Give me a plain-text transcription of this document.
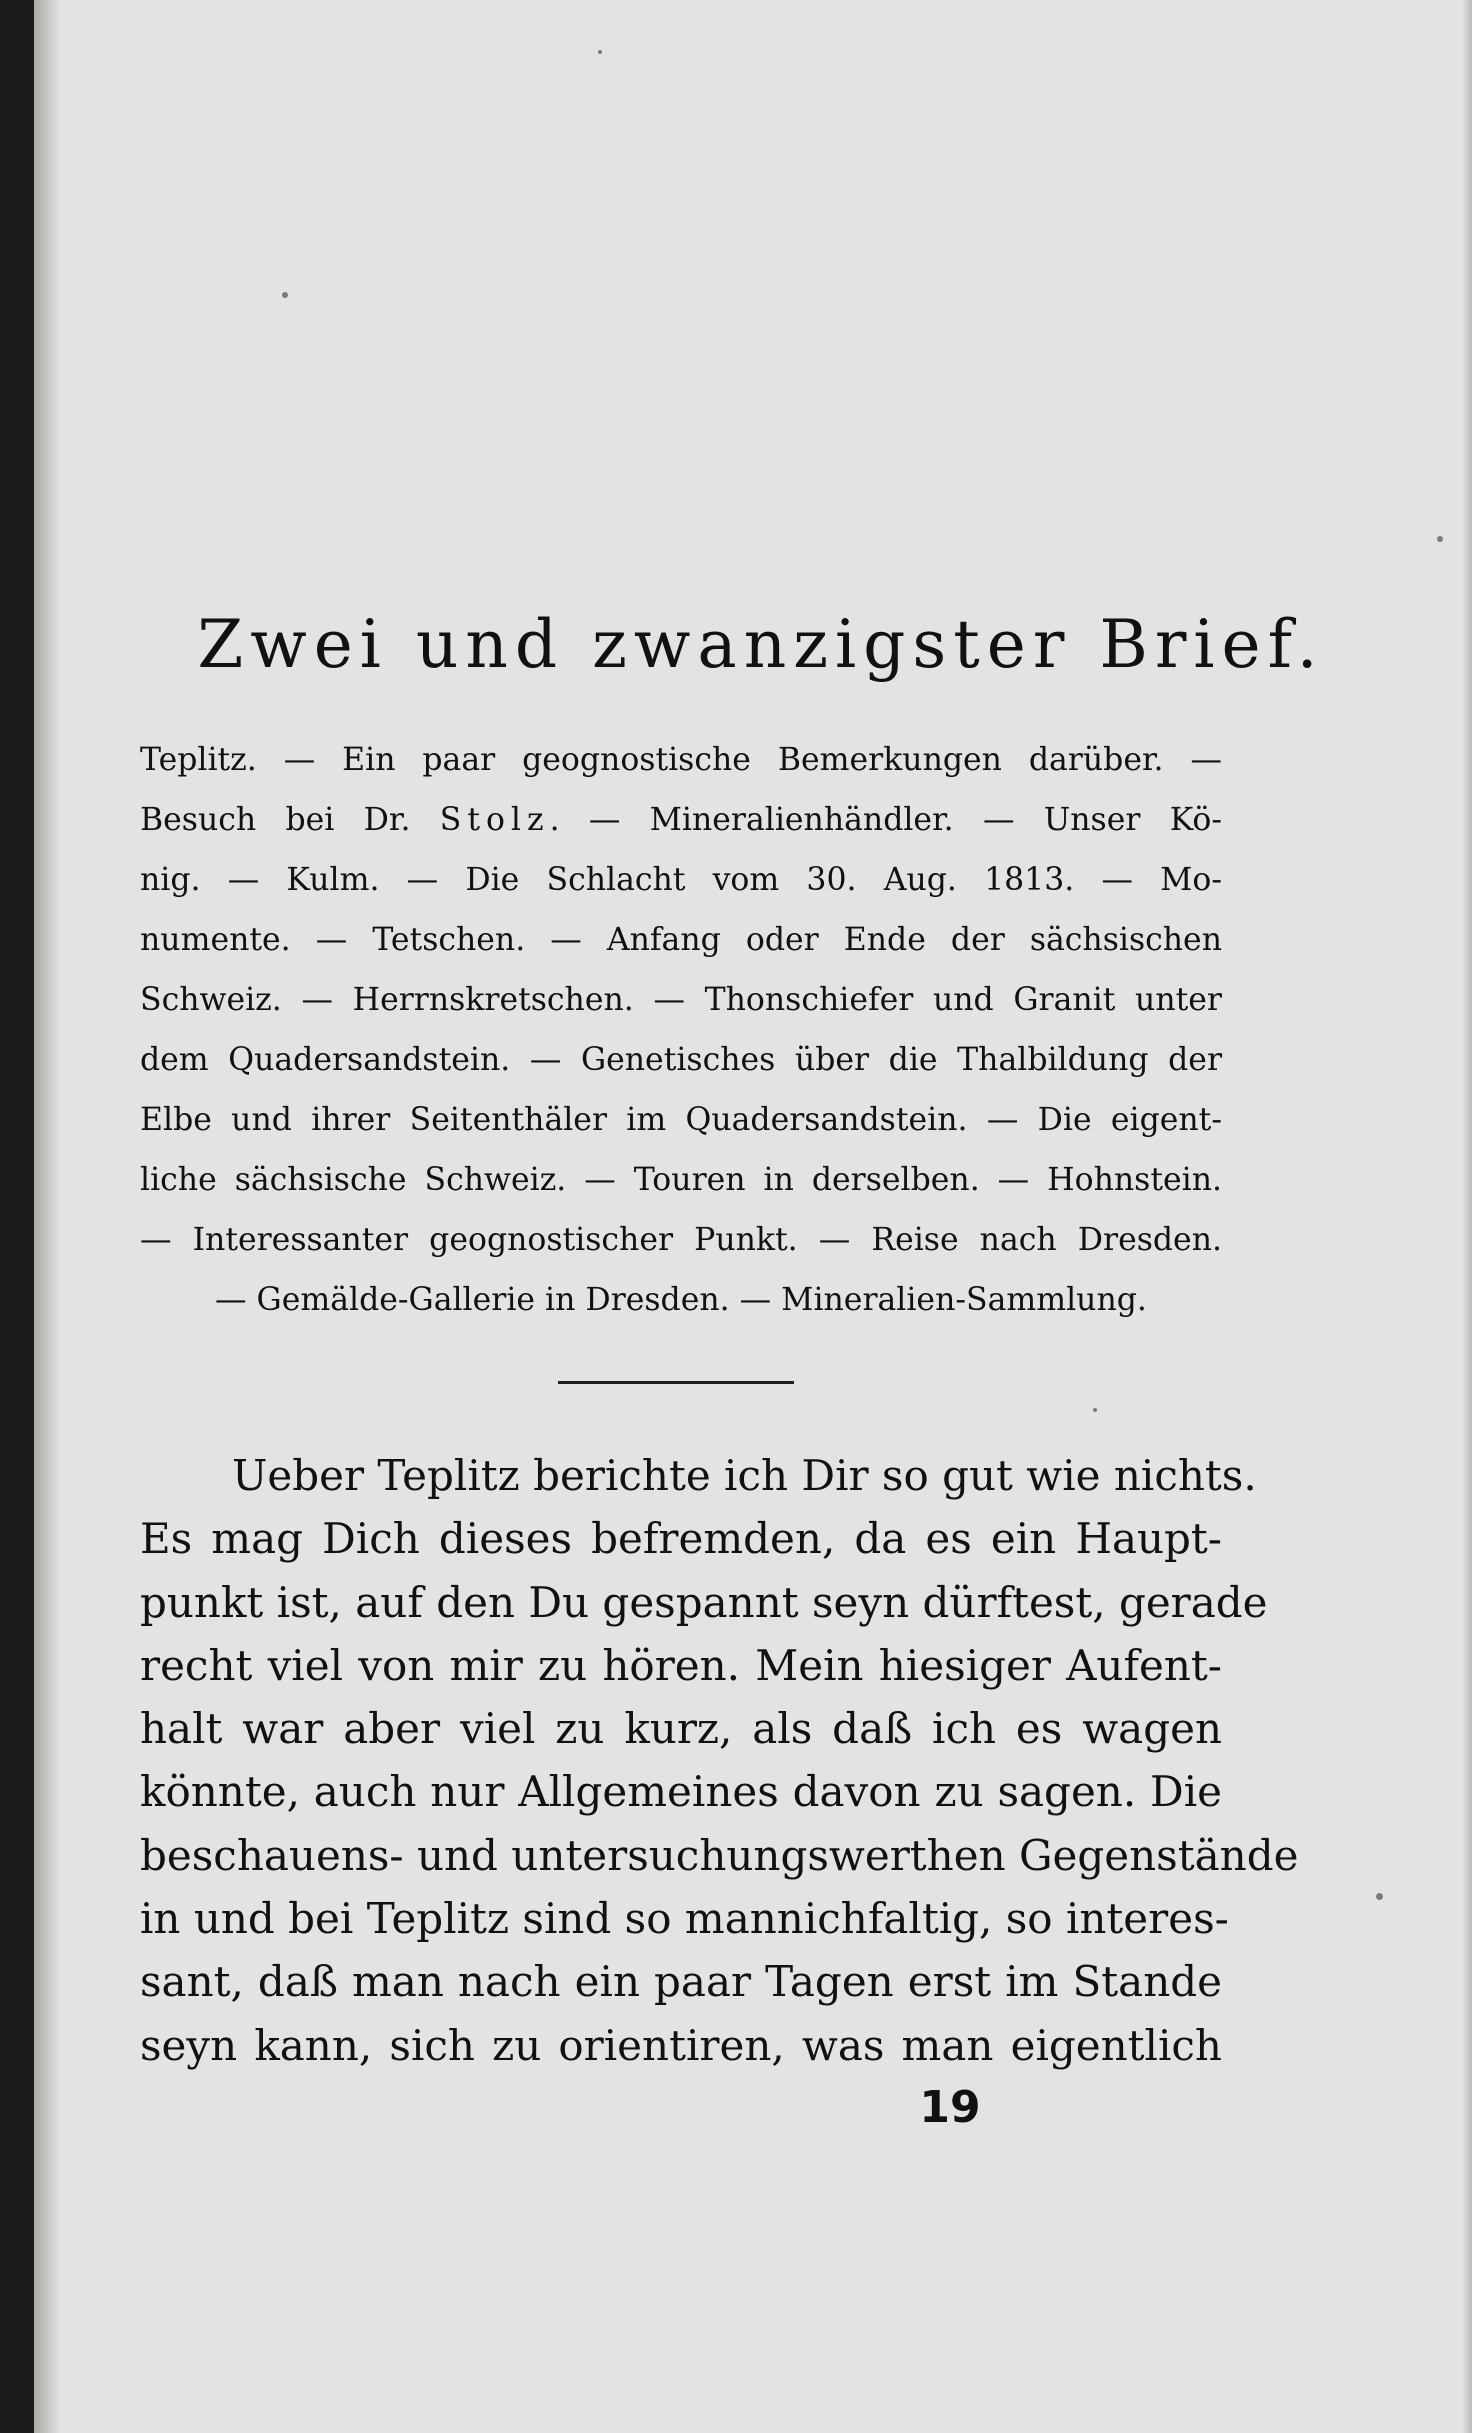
Zwei und zwanzigster Brief.
Teplitz. — Ein paar geognostische Bemerkungen darüber. —
Besuch bei Dr. Stolz. — Mineralienhändler. — Unser Kö-
nig. — Kulm. — Die Schlacht vom 30. Aug. 1813. — Mo-
numente. — Tetschen. — Anfang oder Ende der sächsischen
Schweiz. — Herrnskretschen. — Thonschiefer und Granit unter
dem Quadersandstein. — Genetisches über die Thalbildung der
Elbe und ihrer Seitenthäler im Quadersandstein. — Die eigent-
liche sächsische Schweiz. — Touren in derselben. — Hohnstein.
— Interessanter geognostischer Punkt. — Reise nach Dresden.
— Gemälde-Gallerie in Dresden. — Mineralien-Sammlung.
Ueber Teplitz berichte ich Dir so gut wie nichts.
Es mag Dich dieses befremden, da es ein Haupt-
punkt ist, auf den Du gespannt seyn dürftest, gerade
recht viel von mir zu hören. Mein hiesiger Aufent-
halt war aber viel zu kurz, als daß ich es wagen
könnte, auch nur Allgemeines davon zu sagen. Die
beschauens- und untersuchungswerthen Gegenstände
in und bei Teplitz sind so mannichfaltig, so interes-
sant, daß man nach ein paar Tagen erst im Stande
seyn kann, sich zu orientiren, was man eigentlich
19
